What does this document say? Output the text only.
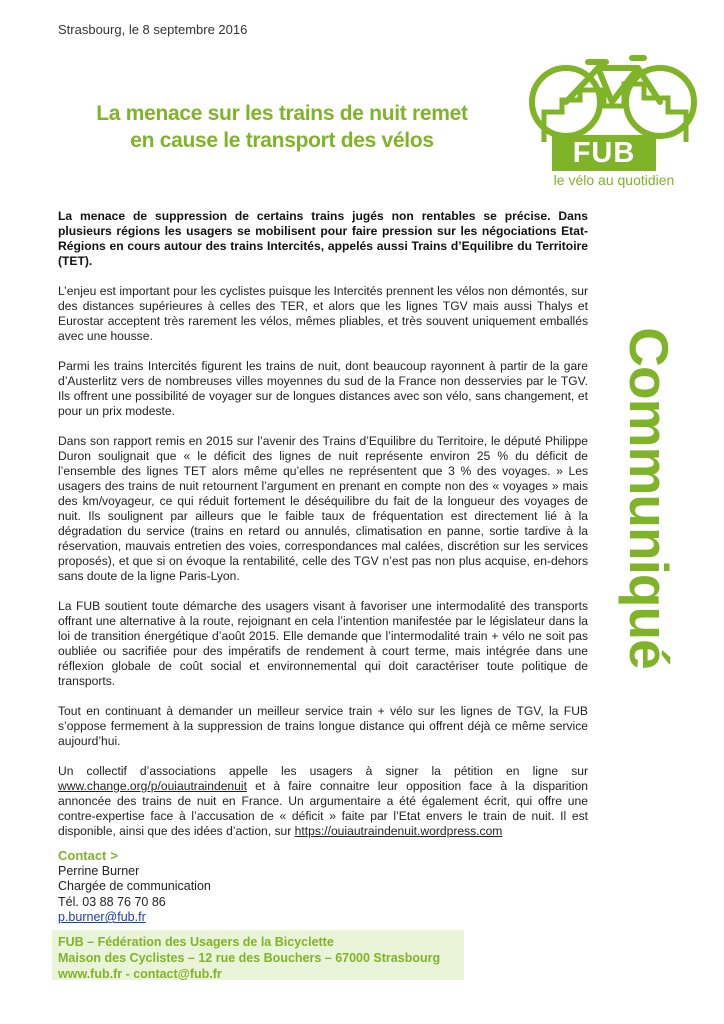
Strasbourg, le 8 septembre 2016
La menace sur les trains de nuit remet
en cause le transport des vélos	FUB
le vélo au quotidien
Communiqué

La menace de suppression de certains trains jugés non rentables se précise. Dans plusieurs régions les usagers se mobilisent pour faire pression sur les négociations Etat-Régions en cours autour des trains Intercités, appelés aussi Trains d’Equilibre du Territoire (TET).

L’enjeu est important pour les cyclistes puisque les Intercités prennent les vélos non démontés, sur des distances supérieures à celles des TER, et alors que les lignes TGV mais aussi Thalys et Eurostar acceptent très rarement les vélos, mêmes pliables, et très souvent uniquement emballés avec une housse.

Parmi les trains Intercités figurent les trains de nuit, dont beaucoup rayonnent à partir de la gare d’Austerlitz vers de nombreuses villes moyennes du sud de la France non desservies par le TGV. Ils offrent une possibilité de voyager sur de longues distances avec son vélo, sans changement, et pour un prix modeste.

Dans son rapport remis en 2015 sur l’avenir des Trains d’Equilibre du Territoire, le député Philippe Duron soulignait que « le déficit des lignes de nuit représente environ 25 % du déficit de l’ensemble des lignes TET alors même qu’elles ne représentent que 3 % des voyages. » Les usagers des trains de nuit retournent l’argument en prenant en compte non des « voyages » mais des km/voyageur, ce qui réduit fortement le déséquilibre du fait de la longueur des voyages de nuit. Ils soulignent par ailleurs que le faible taux de fréquentation est directement lié à la dégradation du service (trains en retard ou annulés, climatisation en panne, sortie tardive à la réservation, mauvais entretien des voies, correspondances mal calées, discrétion sur les services proposés), et que si on évoque la rentabilité, celle des TGV n’est pas non plus acquise, en-dehors sans doute de la ligne Paris-Lyon.

La FUB soutient toute démarche des usagers visant à favoriser une intermodalité des transports offrant une alternative à la route, rejoignant en cela l’intention manifestée par le législateur dans la loi de transition énergétique d’août 2015. Elle demande que l’intermodalité train + vélo ne soit pas oubliée ou sacrifiée pour des impératifs de rendement à court terme, mais intégrée dans une réflexion globale de coût social et environnemental qui doit caractériser toute politique de transports.

Tout en continuant à demander un meilleur service train + vélo sur les lignes de TGV, la FUB s’oppose fermement à la suppression de trains longue distance qui offrent déjà ce même service aujourd’hui.

Un collectif d’associations appelle les usagers à signer la pétition en ligne sur www.change.org/p/ouiautraindenuit et à faire connaitre leur opposition face à la disparition annoncée des trains de nuit en France. Un argumentaire a été également écrit, qui offre une contre-expertise face à l’accusation de « déficit » faite par l’Etat envers le train de nuit. Il est disponible, ainsi que des idées d’action, sur https://ouiautraindenuit.wordpress.com

Contact >
Perrine Burner
Chargée de communication
Tél. 03 88 76 70 86
p.burner@fub.fr
FUB – Fédération des Usagers de la Bicyclette
Maison des Cyclistes – 12 rue des Bouchers – 67000 Strasbourg
www.fub.fr - contact@fub.fr
